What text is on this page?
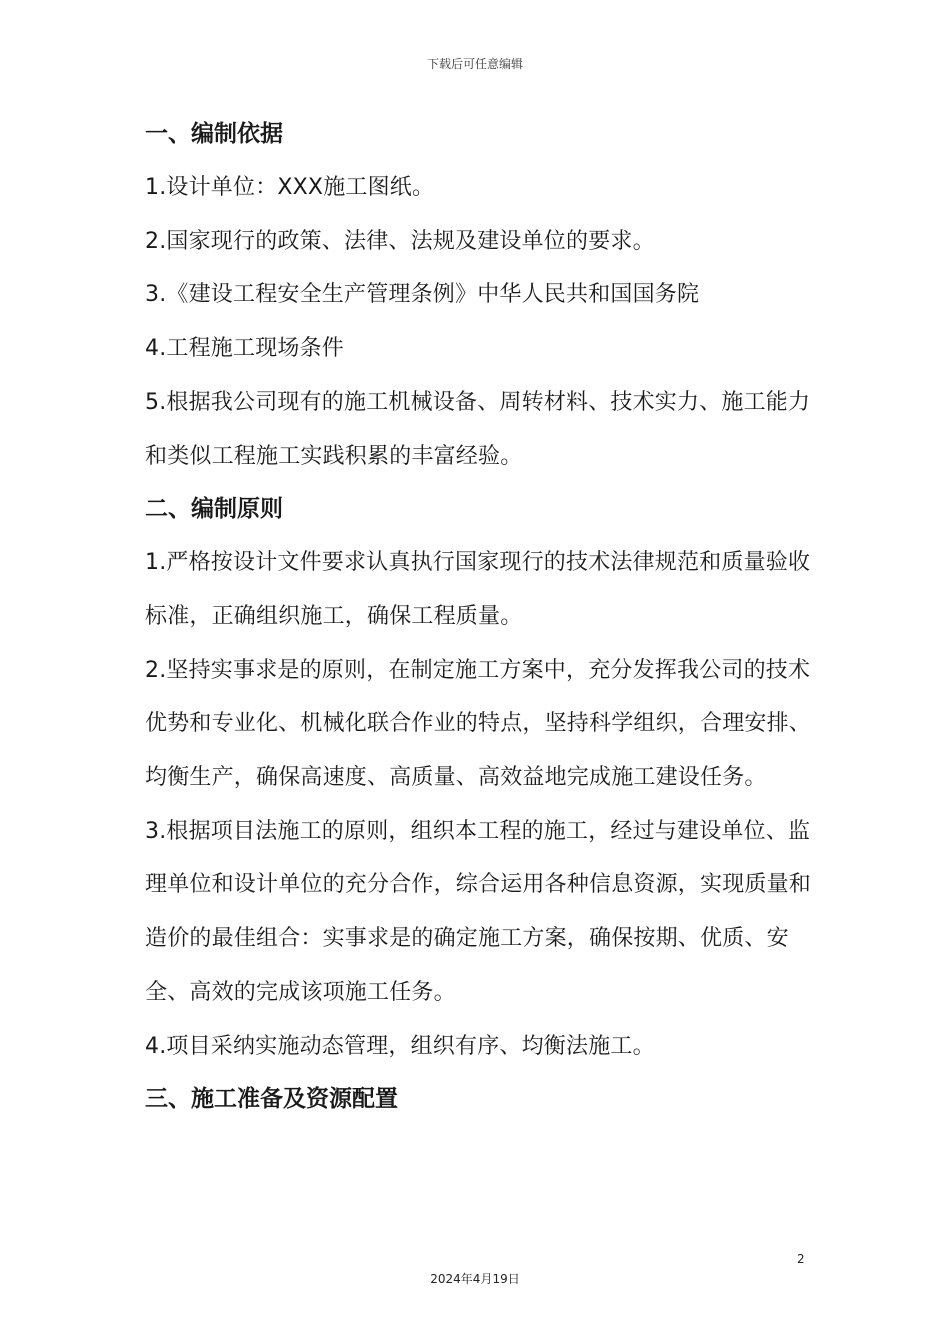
下载后可任意编辑

一、编制依据

1.设计单位：XXX施工图纸。

2.国家现行的政策、法律、法规及建设单位的要求。

3.《建设工程安全生产管理条例》中华人民共和国国务院

4.工程施工现场条件

5.根据我公司现有的施工机械设备、周转材料、技术实力、施工能力和类似工程施工实践积累的丰富经验。

二、编制原则

1.严格按设计文件要求认真执行国家现行的技术法律规范和质量验收标准，正确组织施工，确保工程质量。

2.坚持实事求是的原则，在制定施工方案中，充分发挥我公司的技术优势和专业化、机械化联合作业的特点，坚持科学组织，合理安排、均衡生产，确保高速度、高质量、高效益地完成施工建设任务。

3.根据项目法施工的原则，组织本工程的施工，经过与建设单位、监理单位和设计单位的充分合作，综合运用各种信息资源，实现质量和造价的最佳组合：实事求是的确定施工方案，确保按期、优质、安全、高效的完成该项施工任务。

4.项目采纳实施动态管理，组织有序、均衡法施工。

三、施工准备及资源配置

2
2024年4月19日
